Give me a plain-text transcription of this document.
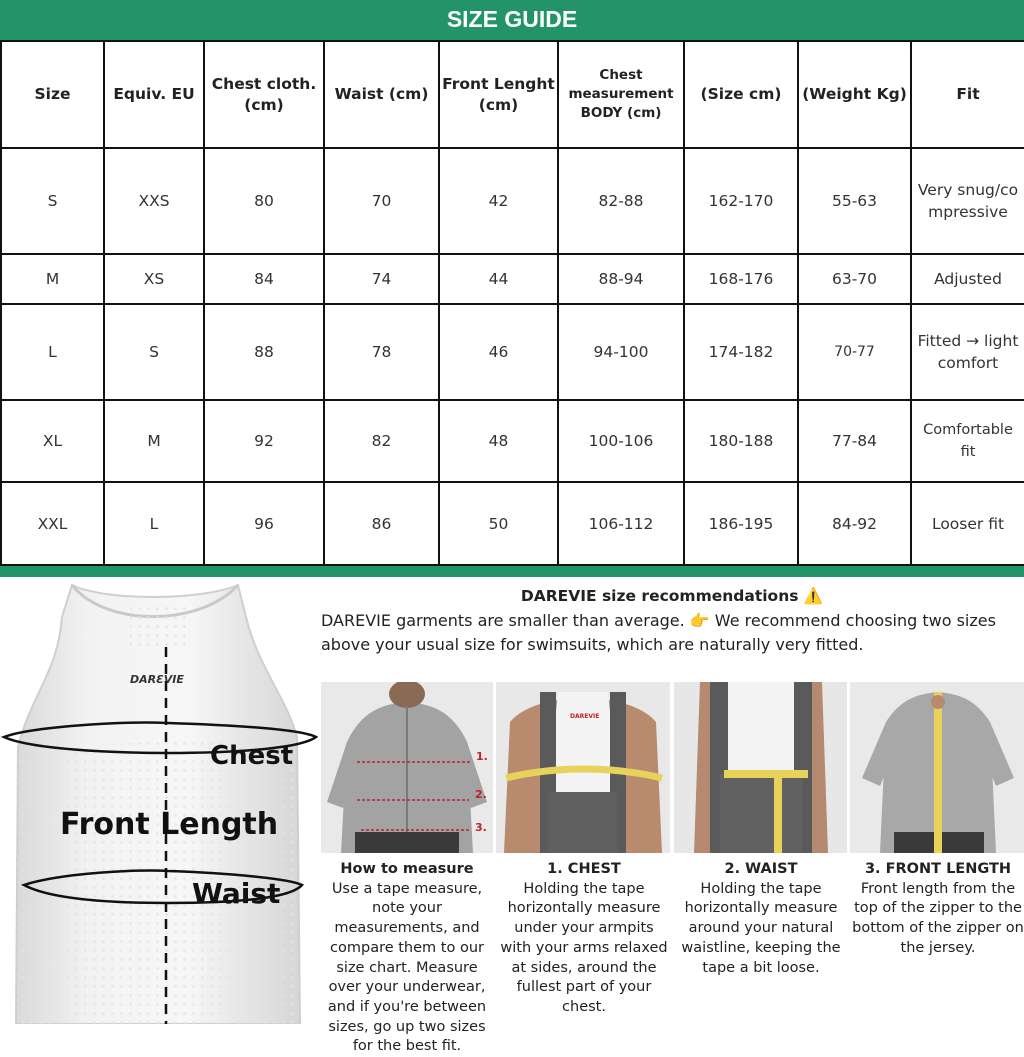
SIZE GUIDE
Size	Equiv. EU	Chest cloth. (cm)	Waist (cm)	Front Lenght (cm)	Chest measurement BODY (cm)	(Size cm)	(Weight Kg)	Fit
S	XXS	80	70	42	82-88	162-170	55-63	Very snug/compressive
M	XS	84	74	44	88-94	168-176	63-70	Adjusted
L	S	88	78	46	94-100	174-182	70-77	Fitted → light comfort
XL	M	92	82	48	100-106	180-188	77-84	Comfortable fit
XXL	L	96	86	50	106-112	186-195	84-92	Looser fit
DARƐVIE
Chest
Front Length
Waist
DAREVIE size recommendations ⚠️
DAREVIE garments are smaller than average. 👉 We recommend choosing two sizes above your usual size for swimsuits, which are naturally very fitted.
1.
2.
3.
DAREVIE
How to measure
Use a tape measure, note your measurements, and compare them to our size chart. Measure over your underwear, and if you're between sizes, go up two sizes for the best fit.
1. CHEST
Holding the tape horizontally measure under your armpits with your arms relaxed at sides, around the fullest part of your chest.
2. WAIST
Holding the tape horizontally measure around your natural waistline, keeping the tape a bit loose.
3. FRONT LENGTH
Front length from the top of the zipper to the bottom of the zipper on the jersey.
